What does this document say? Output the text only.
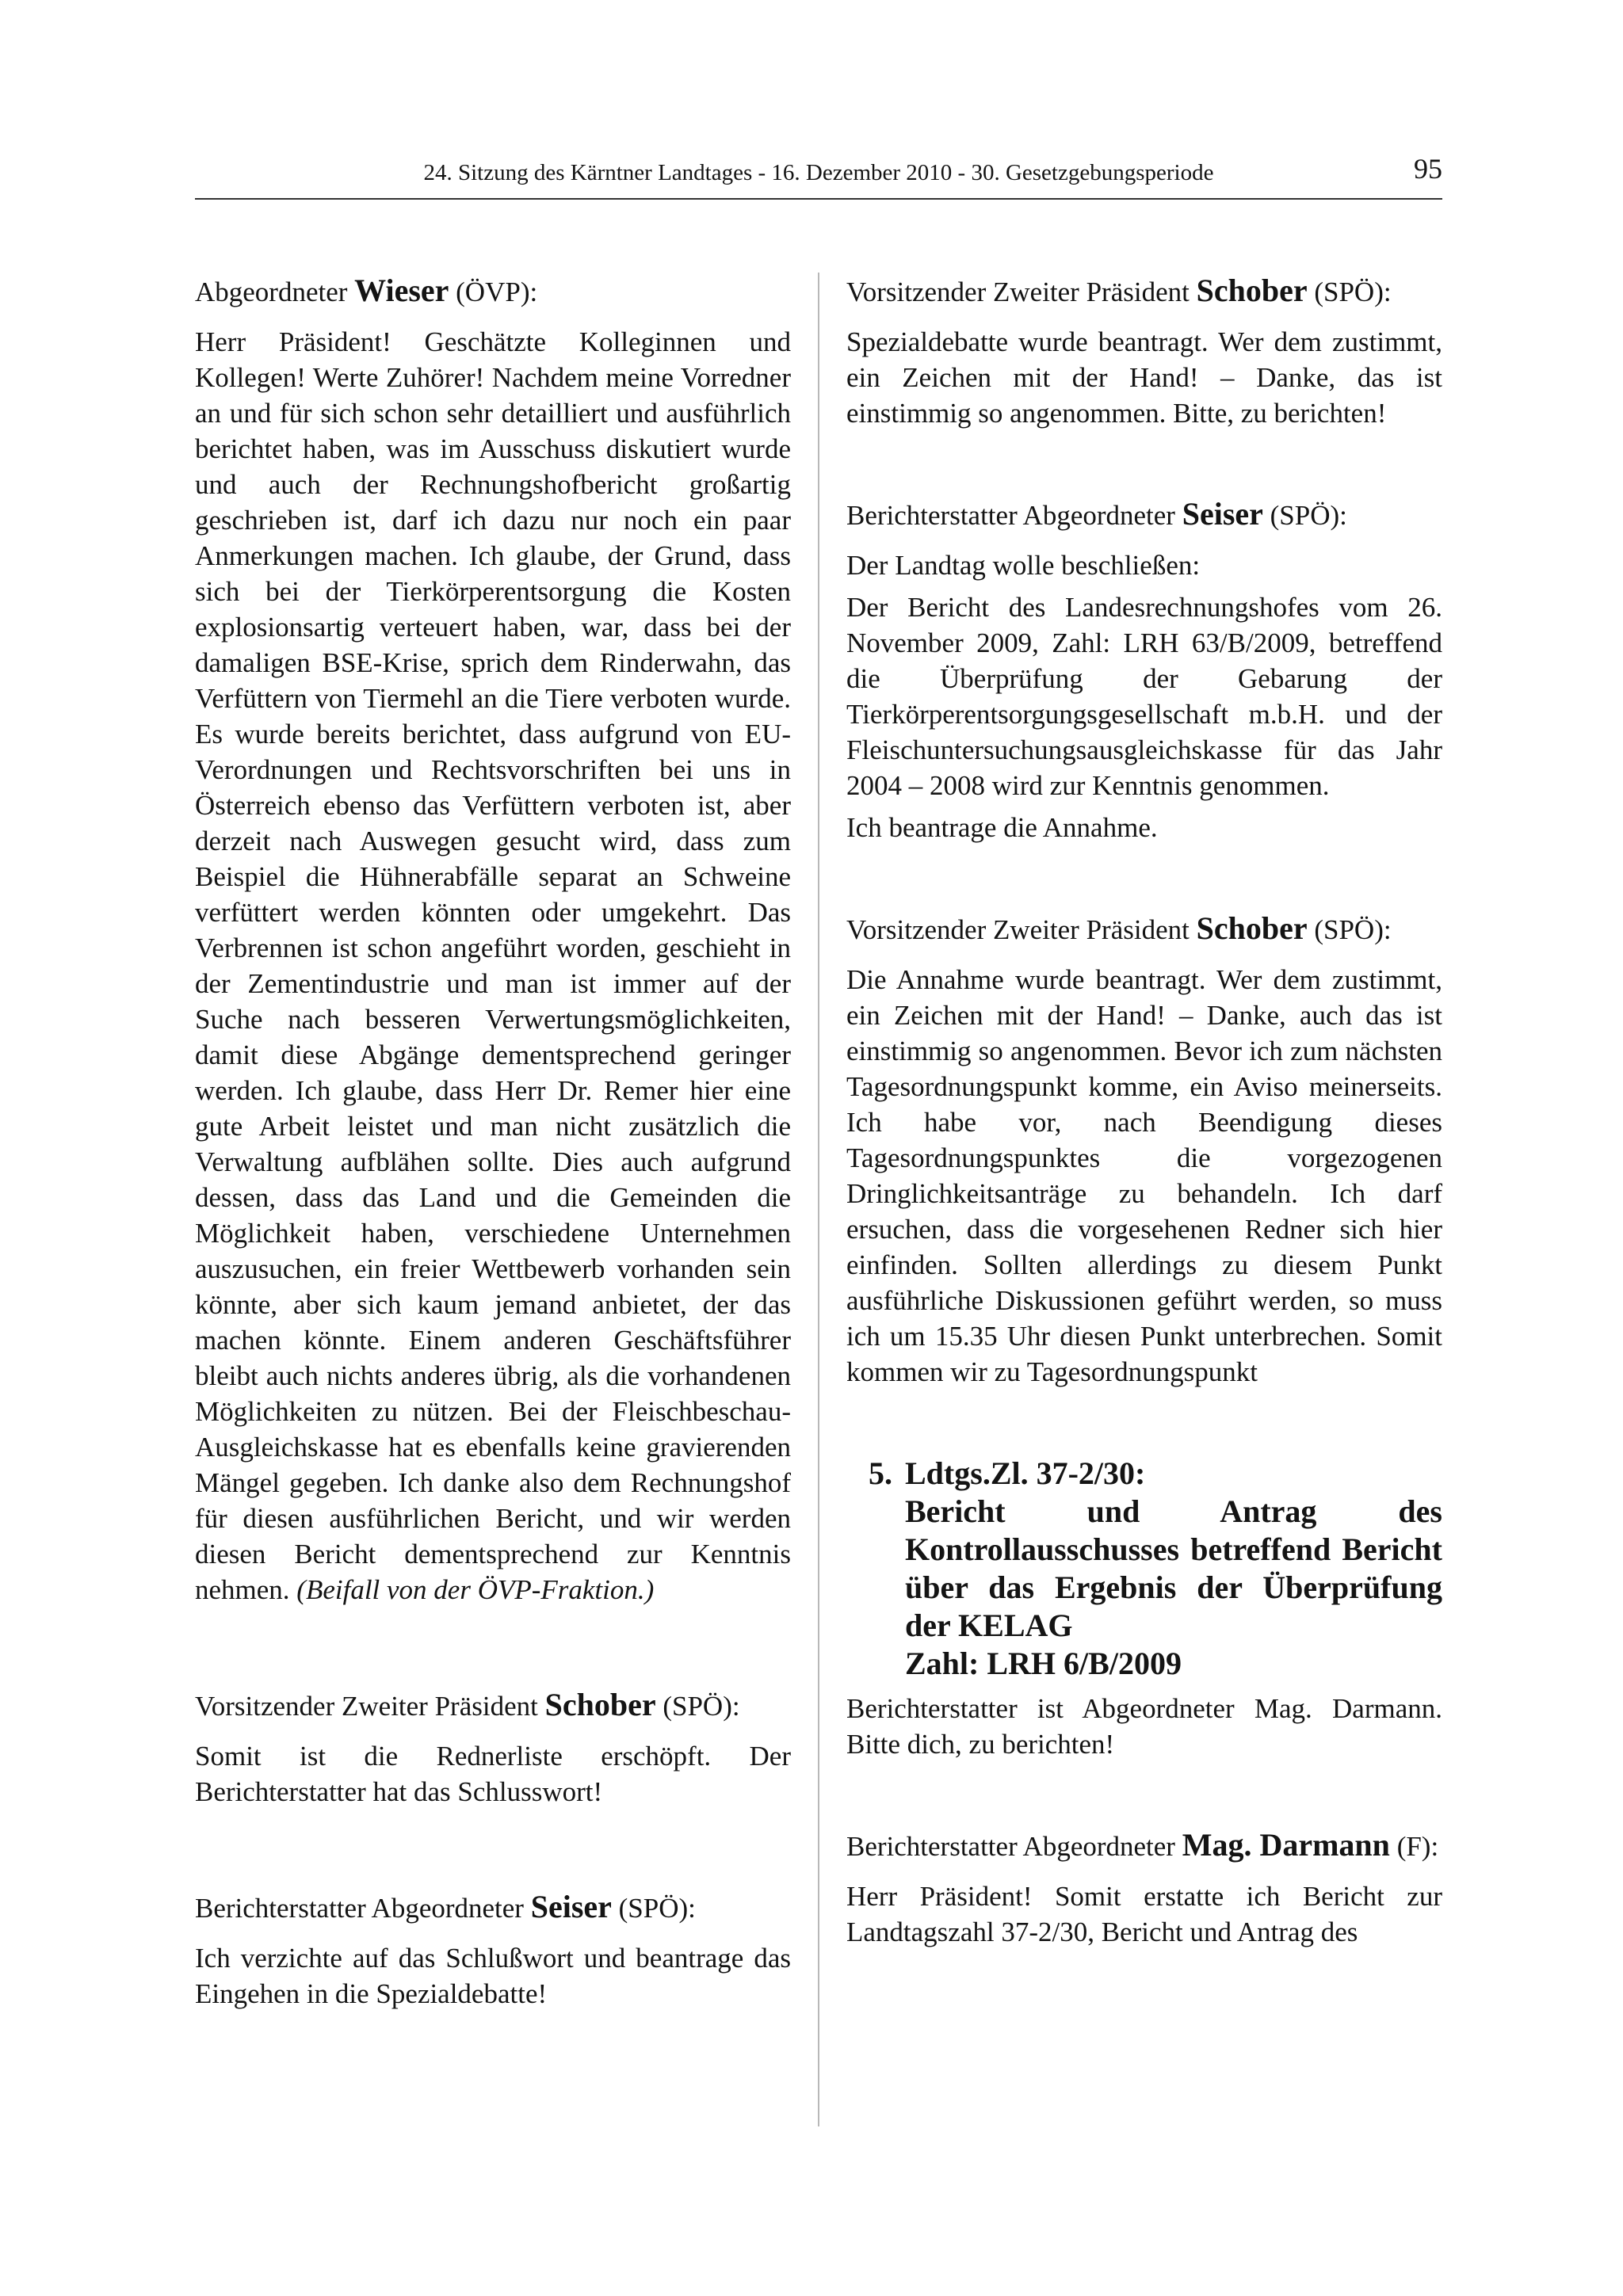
24. Sitzung des Kärntner Landtages - 16. Dezember 2010 - 30. Gesetzgebungsperiode	95

Abgeordneter Wieser (ÖVP):

Herr Präsident! Geschätzte Kolleginnen und Kollegen! Werte Zuhörer! Nachdem meine Vorredner an und für sich schon sehr detailliert und ausführlich berichtet haben, was im Ausschuss diskutiert wurde und auch der Rechnungshofbericht großartig geschrieben ist, darf ich dazu nur noch ein paar Anmerkungen machen. Ich glaube, der Grund, dass sich bei der Tierkörperentsorgung die Kosten explosionsartig verteuert haben, war, dass bei der damaligen BSE-Krise, sprich dem Rinderwahn, das Verfüttern von Tiermehl an die Tiere verboten wurde. Es wurde bereits berichtet, dass aufgrund von EU-Verordnungen und Rechtsvorschriften bei uns in Österreich ebenso das Verfüttern verboten ist, aber derzeit nach Auswegen gesucht wird, dass zum Beispiel die Hühnerabfälle separat an Schweine verfüttert werden könnten oder umgekehrt. Das Verbrennen ist schon angeführt worden, geschieht in der Zementindustrie und man ist immer auf der Suche nach besseren Verwertungsmöglichkeiten, damit diese Abgänge dementsprechend geringer werden. Ich glaube, dass Herr Dr. Remer hier eine gute Arbeit leistet und man nicht zusätzlich die Verwaltung aufblähen sollte. Dies auch aufgrund dessen, dass das Land und die Gemeinden die Möglichkeit haben, verschiedene Unternehmen auszusuchen, ein freier Wettbewerb vorhanden sein könnte, aber sich kaum jemand anbietet, der das machen könnte. Einem anderen Geschäftsführer bleibt auch nichts anderes übrig, als die vorhandenen Möglichkeiten zu nützen. Bei der Fleischbeschau-Ausgleichskasse hat es ebenfalls keine gravierenden Mängel gegeben. Ich danke also dem Rechnungshof für diesen ausführlichen Bericht, und wir werden diesen Bericht dementsprechend zur Kenntnis nehmen. (Beifall von der ÖVP-Fraktion.)

Vorsitzender Zweiter Präsident Schober (SPÖ):

Somit ist die Rednerliste erschöpft. Der Berichterstatter hat das Schlusswort!

Berichterstatter Abgeordneter Seiser (SPÖ):

Ich verzichte auf das Schlußwort und beantrage das Eingehen in die Spezialdebatte!

Vorsitzender Zweiter Präsident Schober (SPÖ):

Spezialdebatte wurde beantragt. Wer dem zustimmt, ein Zeichen mit der Hand! – Danke, das ist einstimmig so angenommen. Bitte, zu berichten!

Berichterstatter Abgeordneter Seiser (SPÖ):

Der Landtag wolle beschließen:

Der Bericht des Landesrechnungshofes vom 26. November 2009, Zahl: LRH 63/B/2009, betreffend die Überprüfung der Gebarung der Tierkörperentsorgungsgesellschaft m.b.H. und der Fleischuntersuchungsausgleichskasse für das Jahr 2004 – 2008 wird zur Kenntnis genommen.

Ich beantrage die Annahme.

Vorsitzender Zweiter Präsident Schober (SPÖ):

Die Annahme wurde beantragt. Wer dem zustimmt, ein Zeichen mit der Hand! – Danke, auch das ist einstimmig so angenommen. Bevor ich zum nächsten Tagesordnungspunkt komme, ein Aviso meinerseits. Ich habe vor, nach Beendigung dieses Tagesordnungspunktes die vorgezogenen Dringlichkeitsanträge zu behandeln. Ich darf ersuchen, dass die vorgesehenen Redner sich hier einfinden. Sollten allerdings zu diesem Punkt ausführliche Diskussionen geführt werden, so muss ich um 15.35 Uhr diesen Punkt unterbrechen. Somit kommen wir zu Tagesordnungspunkt

5. Ldtgs.Zl. 37-2/30:
Bericht und Antrag des Kontrollausschusses betreffend Bericht über das Ergebnis der Überprüfung der KELAG
Zahl: LRH 6/B/2009

Berichterstatter ist Abgeordneter Mag. Darmann. Bitte dich, zu berichten!

Berichterstatter Abgeordneter Mag. Darmann (F):

Herr Präsident! Somit erstatte ich Bericht zur Landtagszahl 37-2/30, Bericht und Antrag des
